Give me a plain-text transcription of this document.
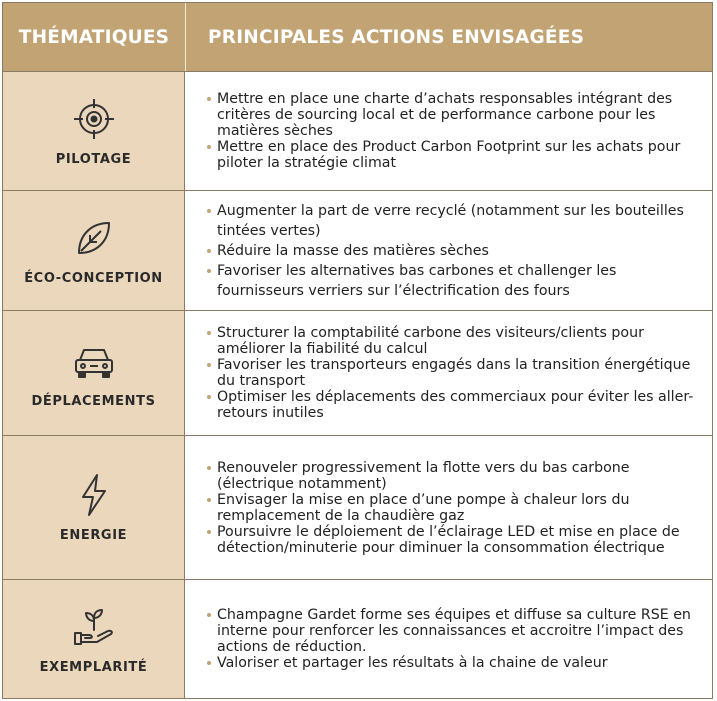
THÉMATIQUES	PRINCIPALES ACTIONS ENVISAGÉES
PILOTAGE
Mettre en place une charte d’achats responsables intégrant des critères de sourcing local et de performance carbone pour les matières sèches
Mettre en place des Product Carbon Footprint sur les achats pour piloter la stratégie climat
ÉCO-CONCEPTION
Augmenter la part de verre recyclé (notamment sur les bouteilles tintées vertes)
Réduire la masse des matières sèches
Favoriser les alternatives bas carbones et challenger les fournisseurs verriers sur l’électrification des fours
DÉPLACEMENTS
Structurer la comptabilité carbone des visiteurs/clients pour améliorer la fiabilité du calcul
Favoriser les transporteurs engagés dans la transition énergétique du transport
Optimiser les déplacements des commerciaux pour éviter les aller-retours inutiles
ENERGIE
Renouveler progressivement la flotte vers du bas carbone (électrique notamment)
Envisager la mise en place d’une pompe à chaleur lors du remplacement de la chaudière gaz
Poursuivre le déploiement de l’éclairage LED et mise en place de détection/minuterie pour diminuer la consommation électrique
EXEMPLARITÉ
Champagne Gardet forme ses équipes et diffuse sa culture RSE en interne pour renforcer les connaissances et accroitre l’impact des actions de réduction.
Valoriser et partager les résultats à la chaine de valeur
